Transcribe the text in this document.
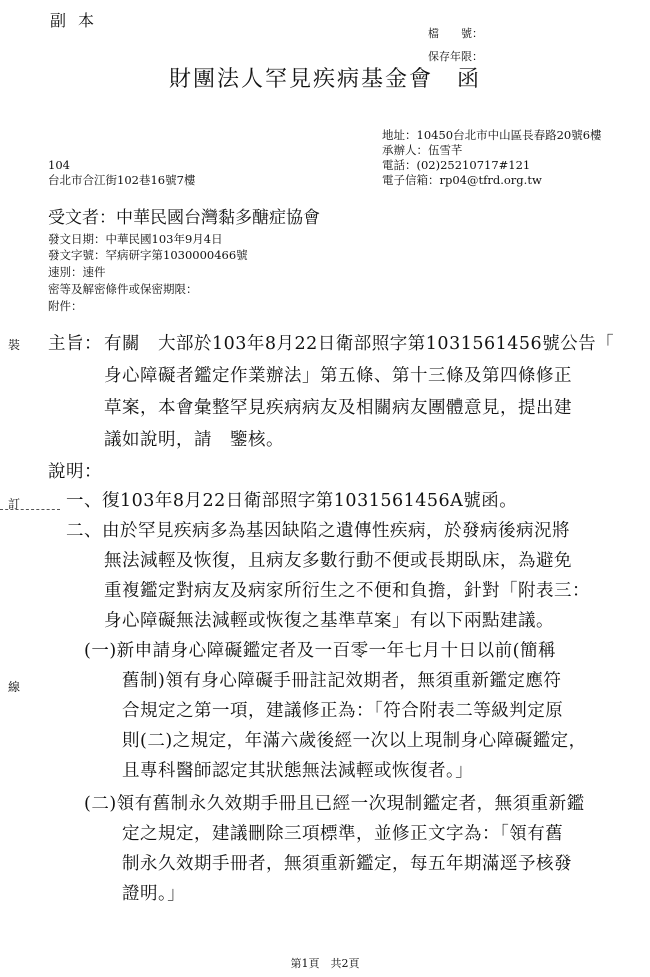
副本
檔　　號：
保存年限：
財團法人罕見疾病基金會　函
地址：10450台北市中山區長春路20號6樓
承辦人：伍雪芊
電話：(02)25210717#121
電子信箱：rp04@tfrd.org.tw
104
台北市合江街102巷16號7樓
受文者：中華民國台灣黏多醣症協會
發文日期：中華民國103年9月4日
發文字號：罕病研字第1030000466號
速別：速件
密等及解密條件或保密期限：
附件：
主旨： 有關　大部於103年8月22日衛部照字第1031561456號公告「
身心障礙者鑑定作業辦法」第五條、第十三條及第四條修正
草案，本會彙整罕見疾病病友及相關病友團體意見，提出建
議如說明，請　鑒核。
說明：
一、復103年8月22日衛部照字第1031561456A號函。
二、由於罕見疾病多為基因缺陷之遺傳性疾病，於發病後病況將
無法減輕及恢復，且病友多數行動不便或長期臥床，為避免
重複鑑定對病友及病家所衍生之不便和負擔，針對「附表三：
身心障礙無法減輕或恢復之基準草案」有以下兩點建議。
(一)新申請身心障礙鑑定者及一百零一年七月十日以前(簡稱
舊制)領有身心障礙手冊註記效期者，無須重新鑑定應符
合規定之第一項，建議修正為：「符合附表二等級判定原
則(二)之規定，年滿六歲後經一次以上現制身心障礙鑑定，
且專科醫師認定其狀態無法減輕或恢復者。」
(二)領有舊制永久效期手冊且已經一次現制鑑定者，無須重新鑑
定之規定，建議刪除三項標準，並修正文字為：「領有舊
制永久效期手冊者，無須重新鑑定，每五年期滿逕予核發
證明。」
裝
訂
線
第1頁　共2頁
